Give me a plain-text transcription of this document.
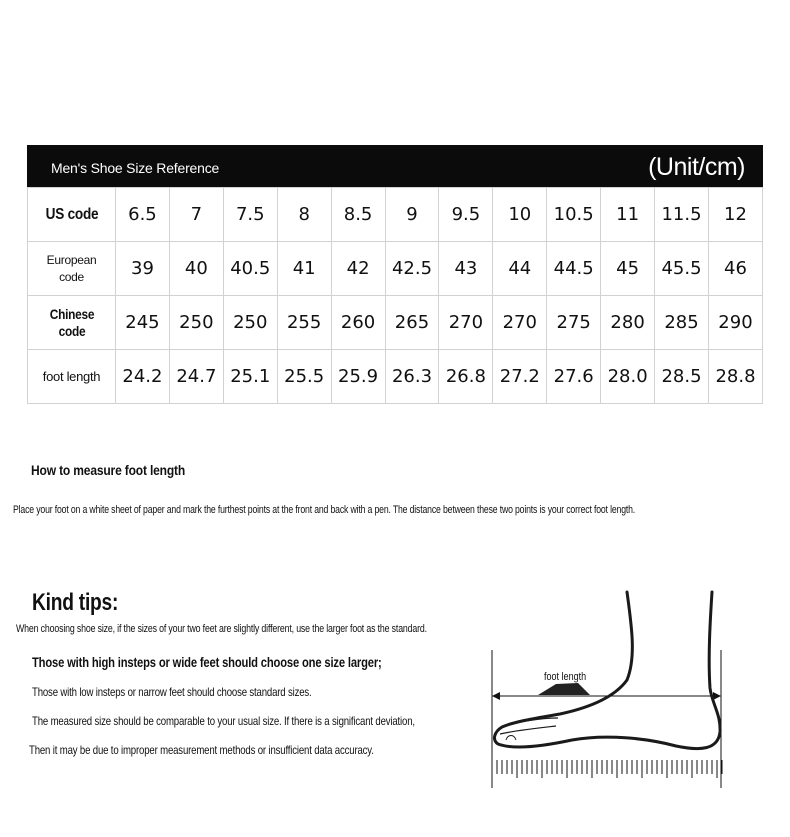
Men's Shoe Size Reference	(Unit/cm)
US code	6.5	7	7.5	8	8.5	9	9.5	10	10.5	11	11.5	12
European code	39	40	40.5	41	42	42.5	43	44	44.5	45	45.5	46
Chinese code	245	250	250	255	260	265	270	270	275	280	285	290
foot length	24.2	24.7	25.1	25.5	25.9	26.3	26.8	27.2	27.6	28.0	28.5	28.8
How to measure foot length
Place your foot on a white sheet of paper and mark the furthest points at the front and back with a pen. The distance between these two points is your correct foot length.
Kind tips:
When choosing shoe size, if the sizes of your two feet are slightly different, use the larger foot as the standard.
Those with high insteps or wide feet should choose one size larger;
Those with low insteps or narrow feet should choose standard sizes.
The measured size should be comparable to your usual size. If there is a significant deviation,
Then it may be due to improper measurement methods or insufficient data accuracy.
foot length
